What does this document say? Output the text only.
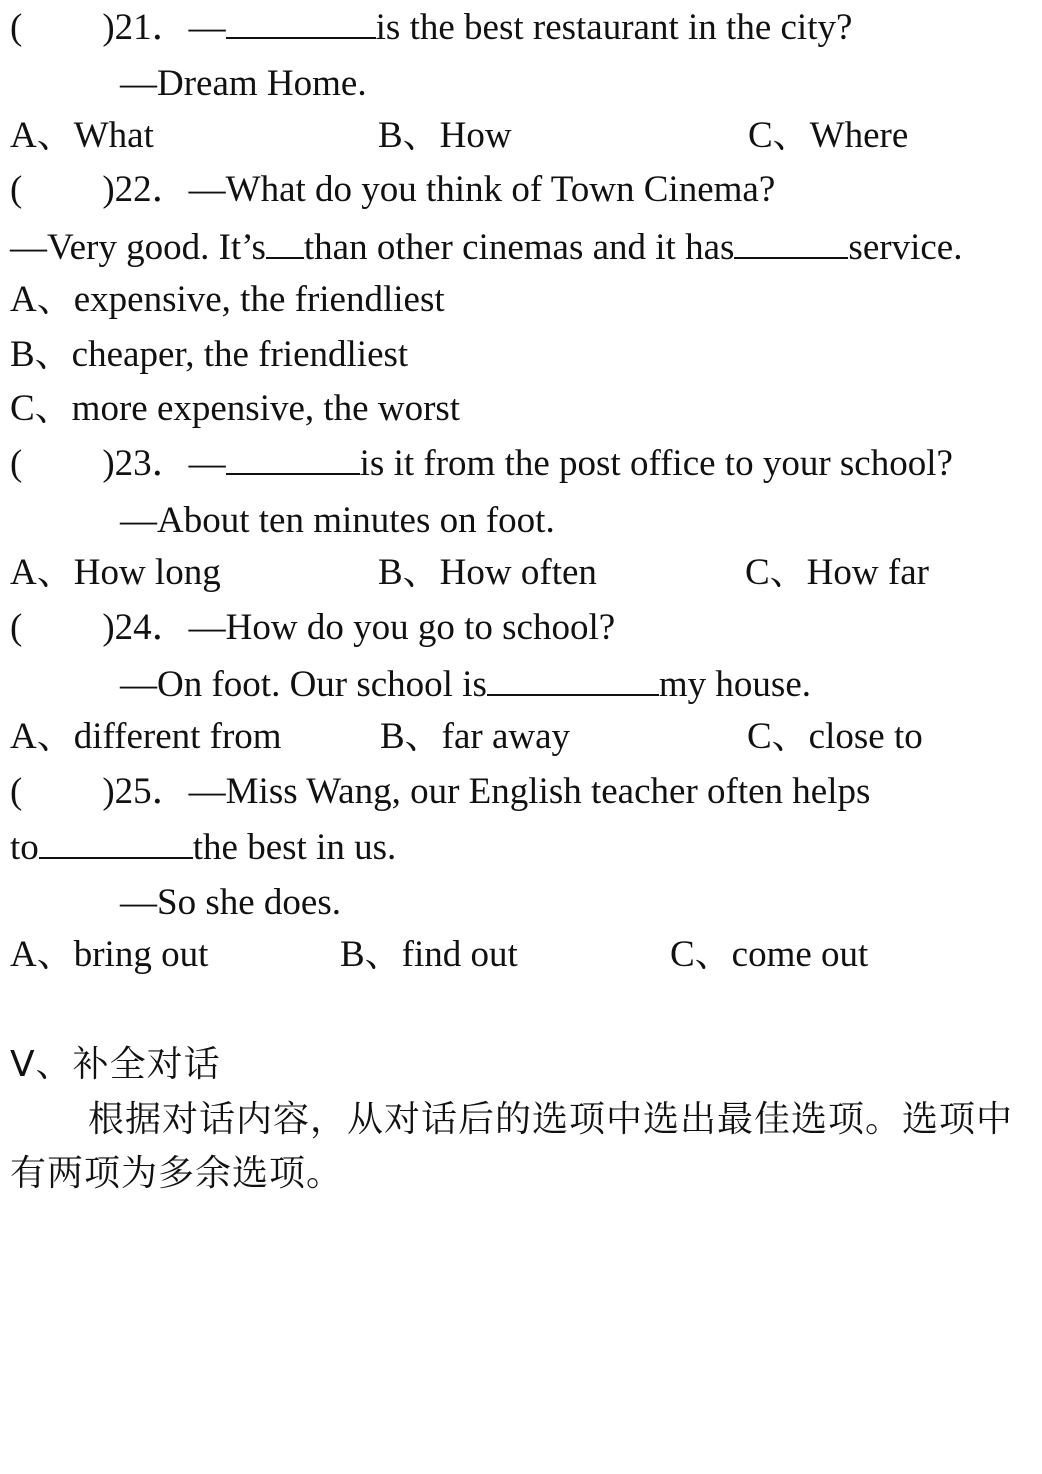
( )21．—	is the best restaurant in the city?
—Dream Home.
A、What	B、How	C、Where
( )22．—What do you think of Town Cinema?
—Very good. It’s than other cinemas and it has	service.
A、expensive, the friendliest
B、cheaper, the friendliest
C、more expensive, the worst
( )23．—	is it from the post office to your school?
—About ten minutes on foot.
A、How long	B、How often	C、How far
( )24．—How do you go to school?
—On foot. Our school is	my house.
A、different from	B、far away	C、close to
( )25．—Miss Wang, our English teacher often helps
to	the best in us.
—So she does.
A、bring out	B、find out	C、come out
V、补全对话
根据对话内容，从对话后的选项中选出最佳选项。选项中
有两项为多余选项。
